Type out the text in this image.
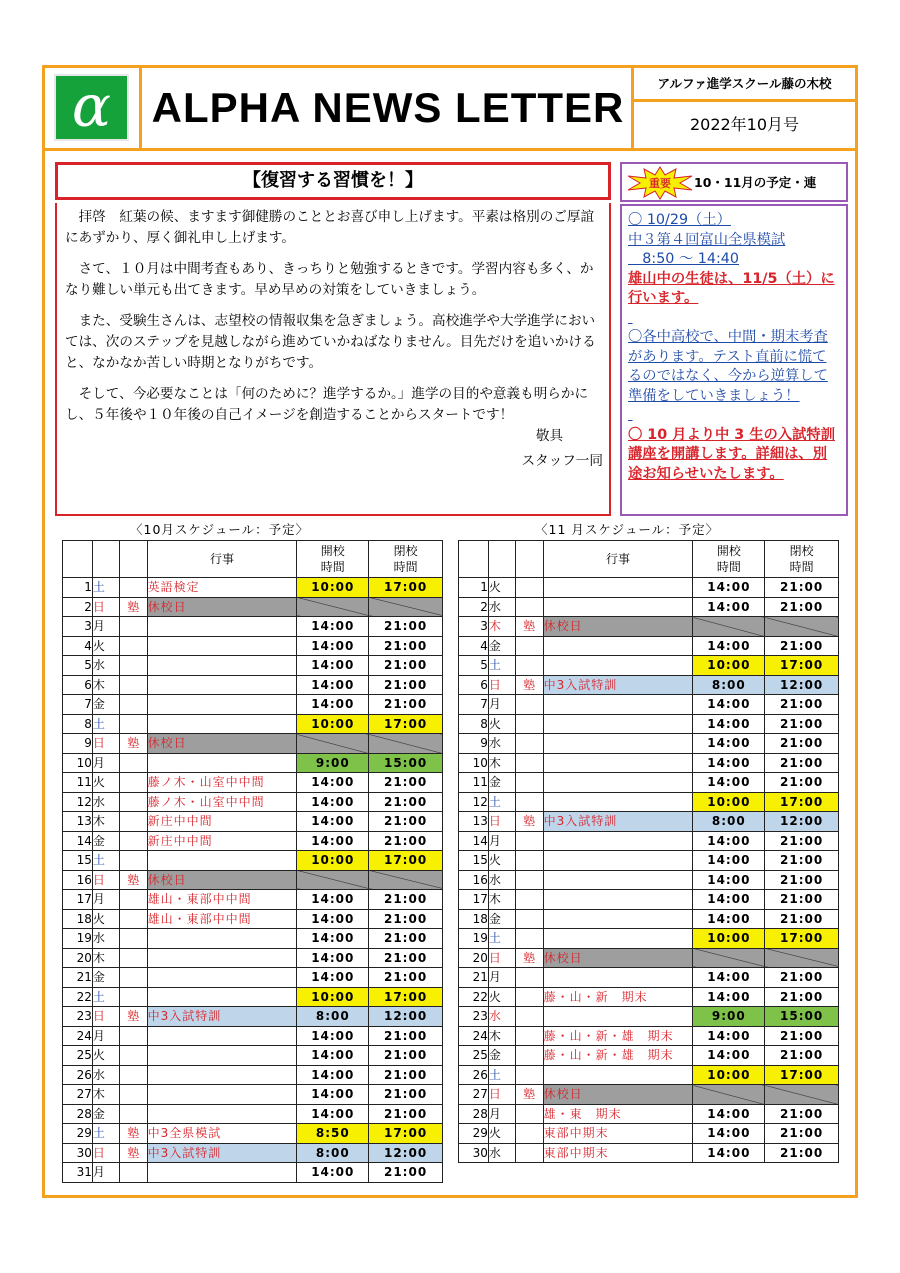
α ALPHA NEWS LETTER
アルファ進学スクール藤の木校
2022年10月号
【復習する習慣を！】

拝啓　紅葉の候、ますます御健勝のこととお喜び申し上げます。平素は格別のご厚誼にあずかり、厚く御礼申し上げます。

さて、１０月は中間考査もあり、きっちりと勉強するときです。学習内容も多く、かなり難しい単元も出てきます。早め早めの対策をしていきましょう。

また、受験生さんは、志望校の情報収集を急ぎましょう。高校進学や大学進学においては、次のステップを見越しながら進めていかねばなりません。目先だけを追いかけると、なかなか苦しい時期となりがちです。

そして、今必要なことは「何のために？進学するか。」進学の目的や意義も明らかにし、５年後や１０年後の自己イメージを創造することからスタートです！

敬具

スタッフ一同

重要 10・11月の予定・連
〇 10/29（土）
中３第４回富山全県模試
　8:50 ～ 14:40
雄山中の生徒は、11/5（土）に行います。

〇各中高校で、中間・期末考査があります。テスト直前に慌てるのではなく、今から逆算して準備をしていきましょう！

〇 10 月より中 3 生の入試特訓講座を開講します。詳細は、別途お知らせいたします。
〈10月スケジュール：予定〉	〈11 月スケジュール：予定〉
			行事	開校
時間	閉校
時間
1	土		英語検定	10:00	17:00
2	日	塾	休校日		
3	月			14:00	21:00
4	火			14:00	21:00
5	水			14:00	21:00
6	木			14:00	21:00
7	金			14:00	21:00
8	土			10:00	17:00
9	日	塾	休校日		
10	月			9:00	15:00
11	火		藤ノ木・山室中中間	14:00	21:00
12	水		藤ノ木・山室中中間	14:00	21:00
13	木		新庄中中間	14:00	21:00
14	金		新庄中中間	14:00	21:00
15	土			10:00	17:00
16	日	塾	休校日		
17	月		雄山・東部中中間	14:00	21:00
18	火		雄山・東部中中間	14:00	21:00
19	水			14:00	21:00
20	木			14:00	21:00
21	金			14:00	21:00
22	土			10:00	17:00
23	日	塾	中3入試特訓	8:00	12:00
24	月			14:00	21:00
25	火			14:00	21:00
26	水			14:00	21:00
27	木			14:00	21:00
28	金			14:00	21:00
29	土	塾	中3全県模試	8:50	17:00
30	日	塾	中3入試特訓	8:00	12:00
31	月			14:00	21:00
			行事	開校
時間	閉校
時間
1	火			14:00	21:00
2	水			14:00	21:00
3	木	塾	休校日		
4	金			14:00	21:00
5	土			10:00	17:00
6	日	塾	中3入試特訓	8:00	12:00
7	月			14:00	21:00
8	火			14:00	21:00
9	水			14:00	21:00
10	木			14:00	21:00
11	金			14:00	21:00
12	土			10:00	17:00
13	日	塾	中3入試特訓	8:00	12:00
14	月			14:00	21:00
15	火			14:00	21:00
16	水			14:00	21:00
17	木			14:00	21:00
18	金			14:00	21:00
19	土			10:00	17:00
20	日	塾	休校日		
21	月			14:00	21:00
22	火		藤・山・新　期末	14:00	21:00
23	水			9:00	15:00
24	木		藤・山・新・雄　期末	14:00	21:00
25	金		藤・山・新・雄　期末	14:00	21:00
26	土			10:00	17:00
27	日	塾	休校日		
28	月		雄・東　期末	14:00	21:00
29	火		東部中期末	14:00	21:00
30	水		東部中期末	14:00	21:00
